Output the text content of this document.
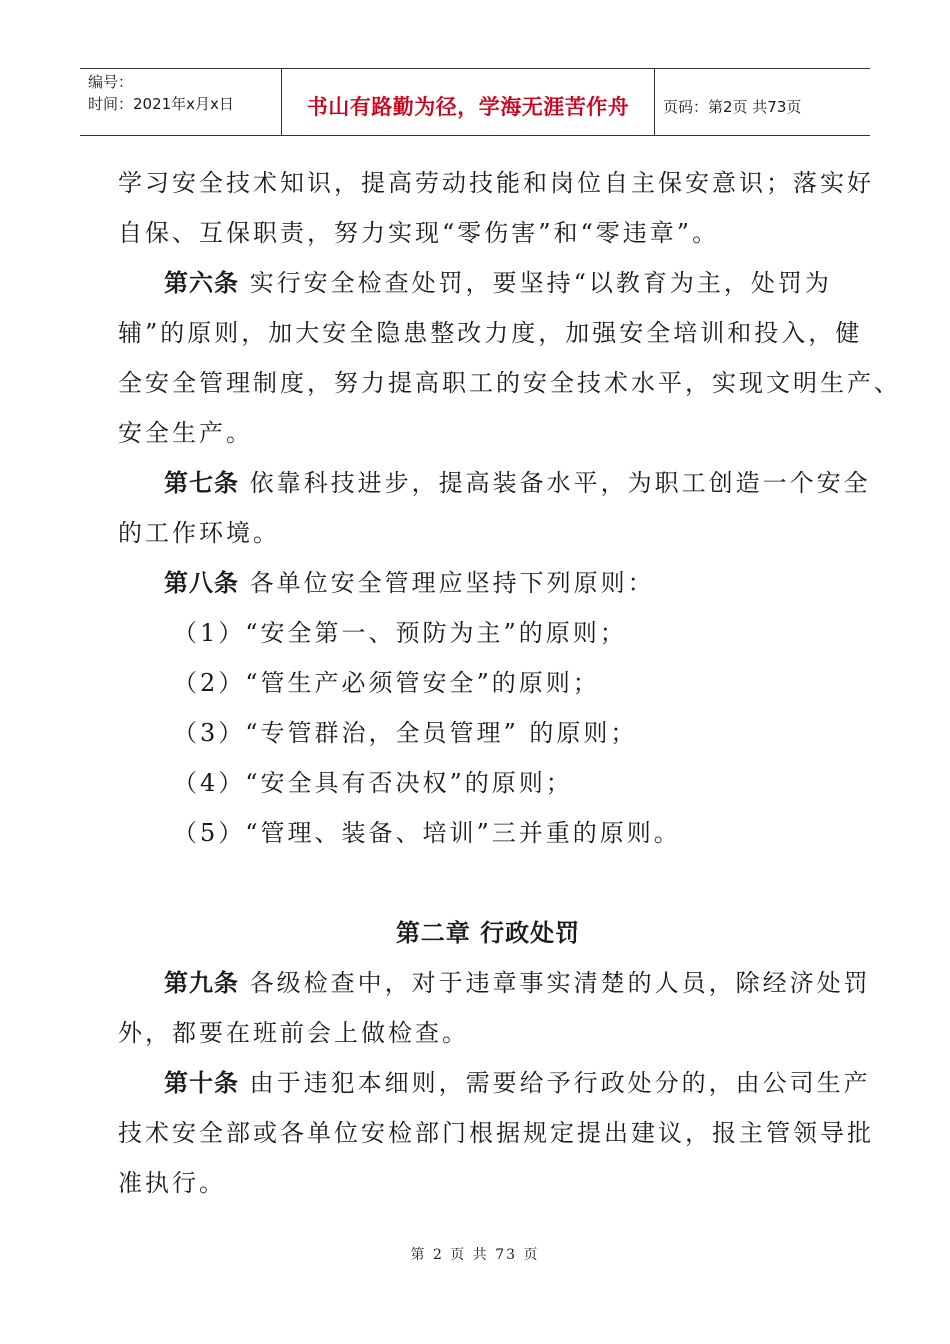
编号：
时间：2021年x月x日	书山有路勤为径，学海无涯苦作舟 页码：第2页 共73页
学习安全技术知识，提高劳动技能和岗位自主保安意识；落实好
自保、互保职责，努力实现“零伤害”和“零违章”。
第六条 实行安全检查处罚，要坚持“以教育为主，处罚为
辅”的原则，加大安全隐患整改力度，加强安全培训和投入，健
全安全管理制度，努力提高职工的安全技术水平，实现文明生产、
安全生产。
第七条 依靠科技进步，提高装备水平，为职工创造一个安全
的工作环境。
第八条 各单位安全管理应坚持下列原则：
（1）“安全第一、预防为主”的原则；
（2）“管生产必须管安全”的原则；
（3）“专管群治，全员管理” 的原则；
（4）“安全具有否决权”的原则；
（5）“管理、装备、培训”三并重的原则。
第二章 行政处罚
第九条 各级检查中，对于违章事实清楚的人员，除经济处罚
外，都要在班前会上做检查。
第十条 由于违犯本细则，需要给予行政处分的，由公司生产
技术安全部或各单位安检部门根据规定提出建议，报主管领导批
准执行。
第 2 页 共 73 页
